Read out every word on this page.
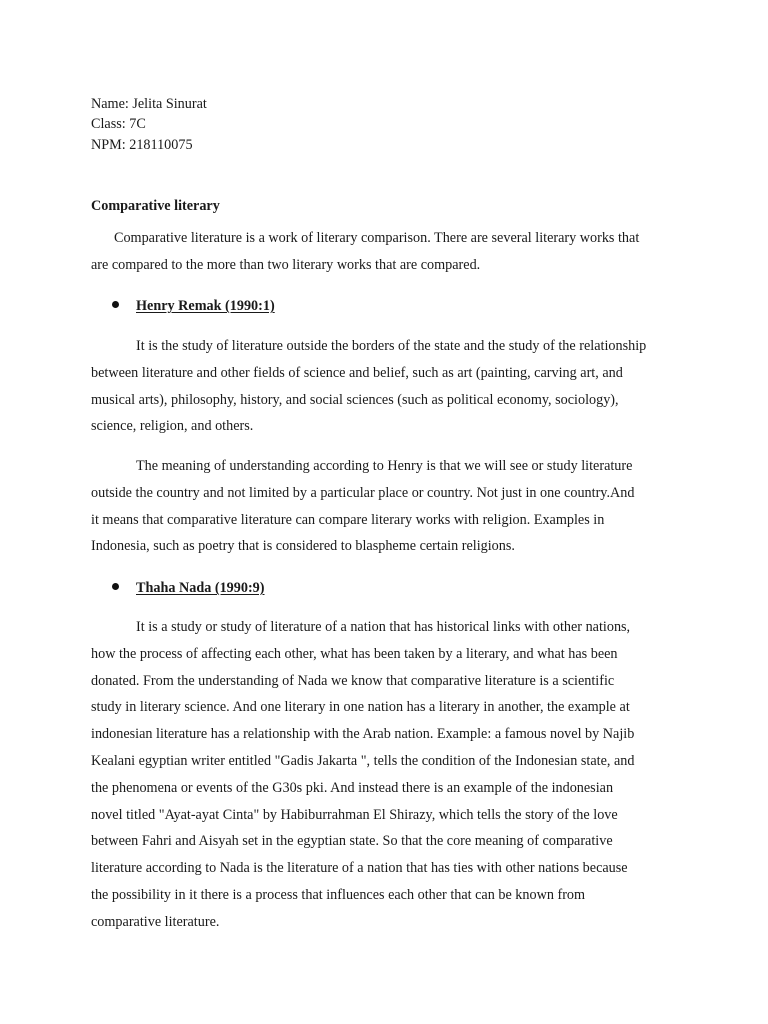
Name: Jelita Sinurat
Class: 7C
NPM: 218110075
Comparative literary
Comparative literature is a work of literary comparison. There are several literary works that
are compared to the more than two literary works that are compared.
Henry Remak (1990:1)
It is the study of literature outside the borders of the state and the study of the relationship
between literature and other fields of science and belief, such as art (painting, carving art, and
musical arts), philosophy, history, and social sciences (such as political economy, sociology),
science, religion, and others.
The meaning of understanding according to Henry is that we will see or study literature
outside the country and not limited by a particular place or country. Not just in one country.And
it means that comparative literature can compare literary works with religion. Examples in
Indonesia, such as poetry that is considered to blaspheme certain religions.
Thaha Nada (1990:9)
It is a study or study of literature of a nation that has historical links with other nations,
how the process of affecting each other, what has been taken by a literary, and what has been
donated. From the understanding of Nada we know that comparative literature is a scientific
study in literary science. And one literary in one nation has a literary in another, the example at
indonesian literature has a relationship with the Arab nation. Example: a famous novel by Najib
Kealani egyptian writer entitled "Gadis Jakarta ", tells the condition of the Indonesian state, and
the phenomena or events of the G30s pki. And instead there is an example of the indonesian
novel titled "Ayat-ayat Cinta" by Habiburrahman El Shirazy, which tells the story of the love
between Fahri and Aisyah set in the egyptian state. So that the core meaning of comparative
literature according to Nada is the literature of a nation that has ties with other nations because
the possibility in it there is a process that influences each other that can be known from
comparative literature.
